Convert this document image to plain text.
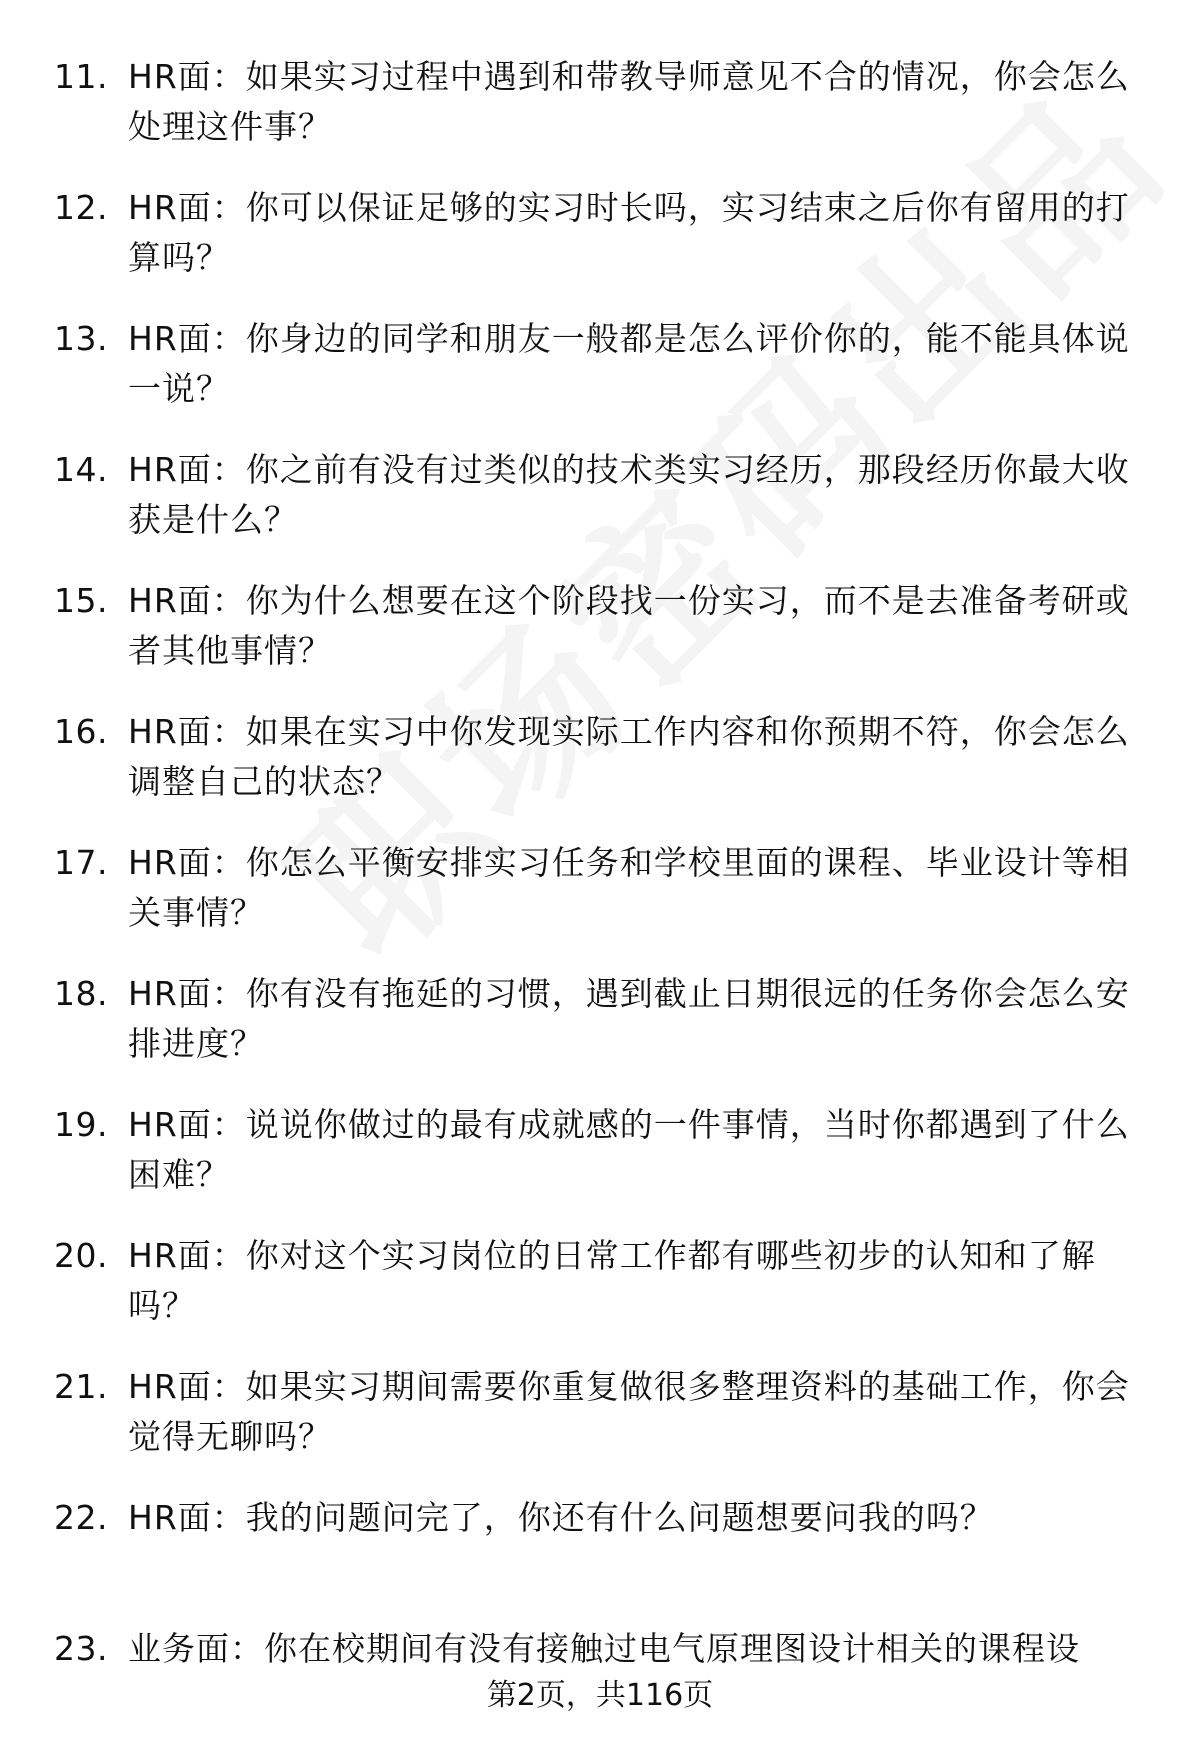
11. HR面：如果实习过程中遇到和带教导师意见不合的情况，你会怎么处理这件事？
12. HR面：你可以保证足够的实习时长吗，实习结束之后你有留用的打算吗？
13. HR面：你身边的同学和朋友一般都是怎么评价你的，能不能具体说一说？
14. HR面：你之前有没有过类似的技术类实习经历，那段经历你最大收获是什么？
15. HR面：你为什么想要在这个阶段找一份实习，而不是去准备考研或者其他事情？
16. HR面：如果在实习中你发现实际工作内容和你预期不符，你会怎么调整自己的状态？
17. HR面：你怎么平衡安排实习任务和学校里面的课程、毕业设计等相关事情？
18. HR面：你有没有拖延的习惯，遇到截止日期很远的任务你会怎么安排进度？
19. HR面：说说你做过的最有成就感的一件事情，当时你都遇到了什么困难？
20. HR面：你对这个实习岗位的日常工作都有哪些初步的认知和了解吗？
21. HR面：如果实习期间需要你重复做很多整理资料的基础工作，你会觉得无聊吗？
22. HR面：我的问题问完了，你还有什么问题想要问我的吗？
23. 业务面：你在校期间有没有接触过电气原理图设计相关的课程设
第2页，共116页
